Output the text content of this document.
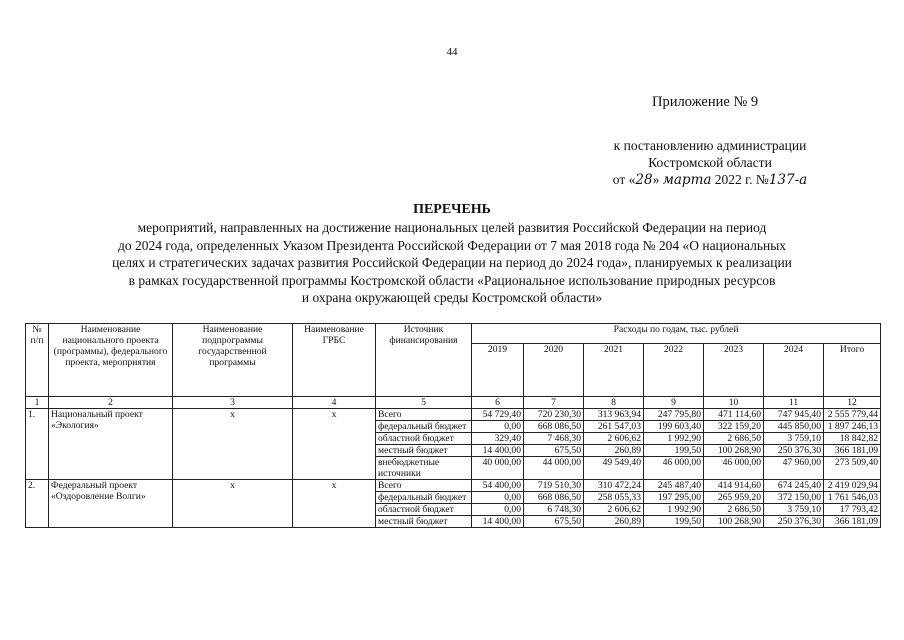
44
Приложение № 9
к постановлению администрации
Костромской области
от «28» марта 2022 г. №137-а
ПЕРЕЧЕНЬ
мероприятий, направленных на достижение национальных целей развития Российской Федерации на период
до 2024 года, определенных Указом Президента Российской Федерации от 7 мая 2018 года № 204 «О национальных
целях и стратегических задачах развития Российской Федерации на период до 2024 года», планируемых к реализации
в рамках государственной программы Костромской области «Рациональное использование природных ресурсов
и охрана окружающей среды Костромской области»
№ п/п	Наименование национального проекта (программы), федерального проекта, мероприятия	Наименование подпрограммы государственной программы	Наименование ГРБС	Источник финансирования	Расходы по годам, тыс. рублей						
					2019	2020	2021	2022	2023	2024	Итого
1	2	3	4	5	6	7	8	9	10	11	12
1.	Национальный проект «Экология»	х	х	Всего	54 729,40	720 230,30	313 963,94	247 795,80	471 114,60	747 945,40	2 555 779,44
				федеральный бюджет	0,00	668 086,50	261 547,03	199 603,40	322 159,20	445 850,00	1 897 246,13
				областной бюджет	329,40	7 468,30	2 606,62	1 992,90	2 686,50	3 759,10	18 842,82
				местный бюджет	14 400,00	675,50	260,89	199,50	100 268,90	250 376,30	366 181,09
				внебюджетные источники	40 000,00	44 000,00	49 549,40	46 000,00	46 000,00	47 960,00	273 509,40
2.	Федеральный проект «Оздоровление Волги»	х	х	Всего	54 400,00	719 510,30	310 472,24	245 487,40	414 914,60	674 245,40	2 419 029,94
				федеральный бюджет	0,00	668 086,50	258 055,33	197 295,00	265 959,20	372 150,00	1 761 546,03
				областной бюджет	0,00	6 748,30	2 606,62	1 992,90	2 686,50	3 759,10	17 793,42
				местный бюджет	14 400,00	675,50	260,89	199,50	100 268,90	250 376,30	366 181,09
